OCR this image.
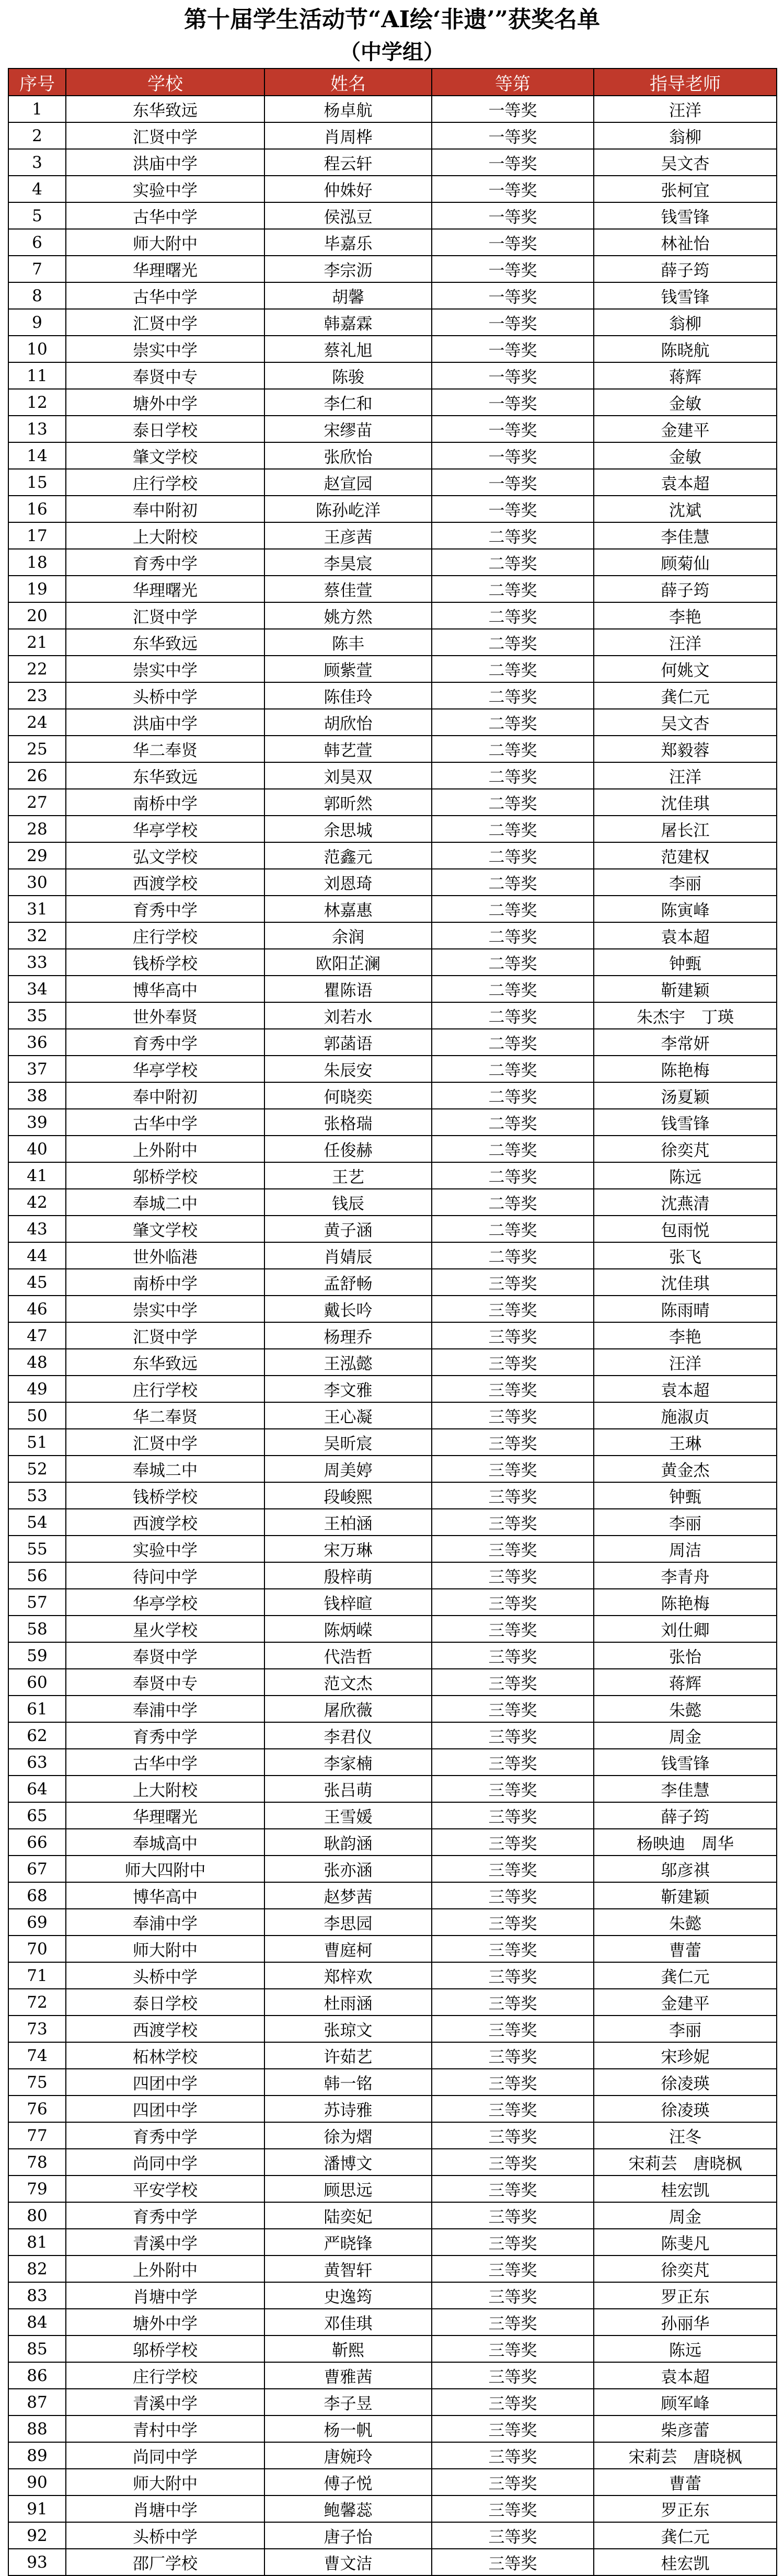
第十届学生活动节“AI绘‘非遗’”获奖名单
（中学组）
序号	学校	姓名	等第	指导老师
1	东华致远	杨卓航	一等奖	汪洋
2	汇贤中学	肖周桦	一等奖	翁柳
3	洪庙中学	程云轩	一等奖	吴文杏
4	实验中学	仲姝好	一等奖	张柯宜
5	古华中学	侯泓豆	一等奖	钱雪锋
6	师大附中	毕嘉乐	一等奖	林祉怡
7	华理曙光	李宗沥	一等奖	薛子筠
8	古华中学	胡馨	一等奖	钱雪锋
9	汇贤中学	韩嘉霖	一等奖	翁柳
10	崇实中学	蔡礼旭	一等奖	陈晓航
11	奉贤中专	陈骏	一等奖	蒋辉
12	塘外中学	李仁和	一等奖	金敏
13	泰日学校	宋缪苗	一等奖	金建平
14	肇文学校	张欣怡	一等奖	金敏
15	庄行学校	赵宣园	一等奖	袁本超
16	奉中附初	陈孙屹洋	一等奖	沈斌
17	上大附校	王彦茜	二等奖	李佳慧
18	育秀中学	李昊宸	二等奖	顾菊仙
19	华理曙光	蔡佳萱	二等奖	薛子筠
20	汇贤中学	姚方然	二等奖	李艳
21	东华致远	陈丰	二等奖	汪洋
22	崇实中学	顾紫萱	二等奖	何姚文
23	头桥中学	陈佳玲	二等奖	龚仁元
24	洪庙中学	胡欣怡	二等奖	吴文杏
25	华二奉贤	韩艺萱	二等奖	郑毅蓉
26	东华致远	刘昊双	二等奖	汪洋
27	南桥中学	郭昕然	二等奖	沈佳琪
28	华亭学校	余思城	二等奖	屠长江
29	弘文学校	范鑫元	二等奖	范建权
30	西渡学校	刘恩琦	二等奖	李丽
31	育秀中学	林嘉惠	二等奖	陈寅峰
32	庄行学校	余润	二等奖	袁本超
33	钱桥学校	欧阳芷澜	二等奖	钟甄
34	博华高中	瞿陈语	二等奖	靳建颖
35	世外奉贤	刘若水	二等奖	朱杰宇　丁瑛
36	育秀中学	郭菡语	二等奖	李常妍
37	华亭学校	朱辰安	二等奖	陈艳梅
38	奉中附初	何晓奕	二等奖	汤夏颖
39	古华中学	张格瑞	二等奖	钱雪锋
40	上外附中	任俊赫	二等奖	徐奕芃
41	邬桥学校	王艺	二等奖	陈远
42	奉城二中	钱辰	二等奖	沈燕清
43	肇文学校	黄子涵	二等奖	包雨悦
44	世外临港	肖婧辰	二等奖	张飞
45	南桥中学	孟舒畅	三等奖	沈佳琪
46	崇实中学	戴长吟	三等奖	陈雨晴
47	汇贤中学	杨理乔	三等奖	李艳
48	东华致远	王泓懿	三等奖	汪洋
49	庄行学校	李文雅	三等奖	袁本超
50	华二奉贤	王心凝	三等奖	施淑贞
51	汇贤中学	吴昕宸	三等奖	王琳
52	奉城二中	周美婷	三等奖	黄金杰
53	钱桥学校	段峻熙	三等奖	钟甄
54	西渡学校	王柏涵	三等奖	李丽
55	实验中学	宋万琳	三等奖	周洁
56	待问中学	殷梓萌	三等奖	李青舟
57	华亭学校	钱梓暄	三等奖	陈艳梅
58	星火学校	陈炳嵘	三等奖	刘仕卿
59	奉贤中学	代浩哲	三等奖	张怡
60	奉贤中专	范文杰	三等奖	蒋辉
61	奉浦中学	屠欣薇	三等奖	朱懿
62	育秀中学	李君仪	三等奖	周金
63	古华中学	李家楠	三等奖	钱雪锋
64	上大附校	张吕萌	三等奖	李佳慧
65	华理曙光	王雪媛	三等奖	薛子筠
66	奉城高中	耿韵涵	三等奖	杨映迪　周华
67	师大四附中	张亦涵	三等奖	邬彦祺
68	博华高中	赵梦茜	三等奖	靳建颖
69	奉浦中学	李思园	三等奖	朱懿
70	师大附中	曹庭柯	三等奖	曹蕾
71	头桥中学	郑梓欢	三等奖	龚仁元
72	泰日学校	杜雨涵	三等奖	金建平
73	西渡学校	张琼文	三等奖	李丽
74	柘林学校	许茹艺	三等奖	宋珍妮
75	四团中学	韩一铭	三等奖	徐凌瑛
76	四团中学	苏诗雅	三等奖	徐凌瑛
77	育秀中学	徐为熠	三等奖	汪冬
78	尚同中学	潘博文	三等奖	宋莉芸　唐晓枫
79	平安学校	顾思远	三等奖	桂宏凯
80	育秀中学	陆奕妃	三等奖	周金
81	青溪中学	严晓锋	三等奖	陈斐凡
82	上外附中	黄智轩	三等奖	徐奕芃
83	肖塘中学	史逸筠	三等奖	罗正东
84	塘外中学	邓佳琪	三等奖	孙丽华
85	邬桥学校	靳熙	三等奖	陈远
86	庄行学校	曹雅茜	三等奖	袁本超
87	青溪中学	李子昱	三等奖	顾军峰
88	青村中学	杨一帆	三等奖	柴彦蕾
89	尚同中学	唐婉玲	三等奖	宋莉芸　唐晓枫
90	师大附中	傅子悦	三等奖	曹蕾
91	肖塘中学	鲍馨蕊	三等奖	罗正东
92	头桥中学	唐子怡	三等奖	龚仁元
93	邵厂学校	曹文洁	三等奖	桂宏凯
